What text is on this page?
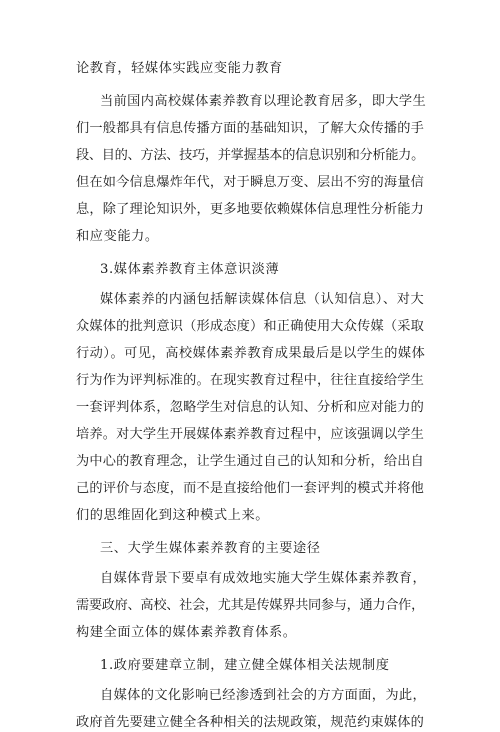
论教育，轻媒体实践应变能力教育
当前国内高校媒体素养教育以理论教育居多，即大学生
们一般都具有信息传播方面的基础知识，了解大众传播的手
段、目的、方法、技巧，并掌握基本的信息识别和分析能力。
但在如今信息爆炸年代，对于瞬息万变、层出不穷的海量信
息，除了理论知识外，更多地要依赖媒体信息理性分析能力
和应变能力。
3.媒体素养教育主体意识淡薄
媒体素养的内涵包括解读媒体信息（认知信息）、对大
众媒体的批判意识（形成态度）和正确使用大众传媒（采取
行动）。可见，高校媒体素养教育成果最后是以学生的媒体
行为作为评判标准的。在现实教育过程中，往往直接给学生
一套评判体系，忽略学生对信息的认知、分析和应对能力的
培养。对大学生开展媒体素养教育过程中，应该强调以学生
为中心的教育理念，让学生通过自己的认知和分析，给出自
己的评价与态度，而不是直接给他们一套评判的模式并将他
们的思维固化到这种模式上来。
三、大学生媒体素养教育的主要途径
自媒体背景下要卓有成效地实施大学生媒体素养教育，
需要政府、高校、社会，尤其是传媒界共同参与，通力合作，
构建全面立体的媒体素养教育体系。
1.政府要建章立制，建立健全媒体相关法规制度
自媒体的文化影响已经渗透到社会的方方面面，为此，
政府首先要建立健全各种相关的法规政策，规范约束媒体的
